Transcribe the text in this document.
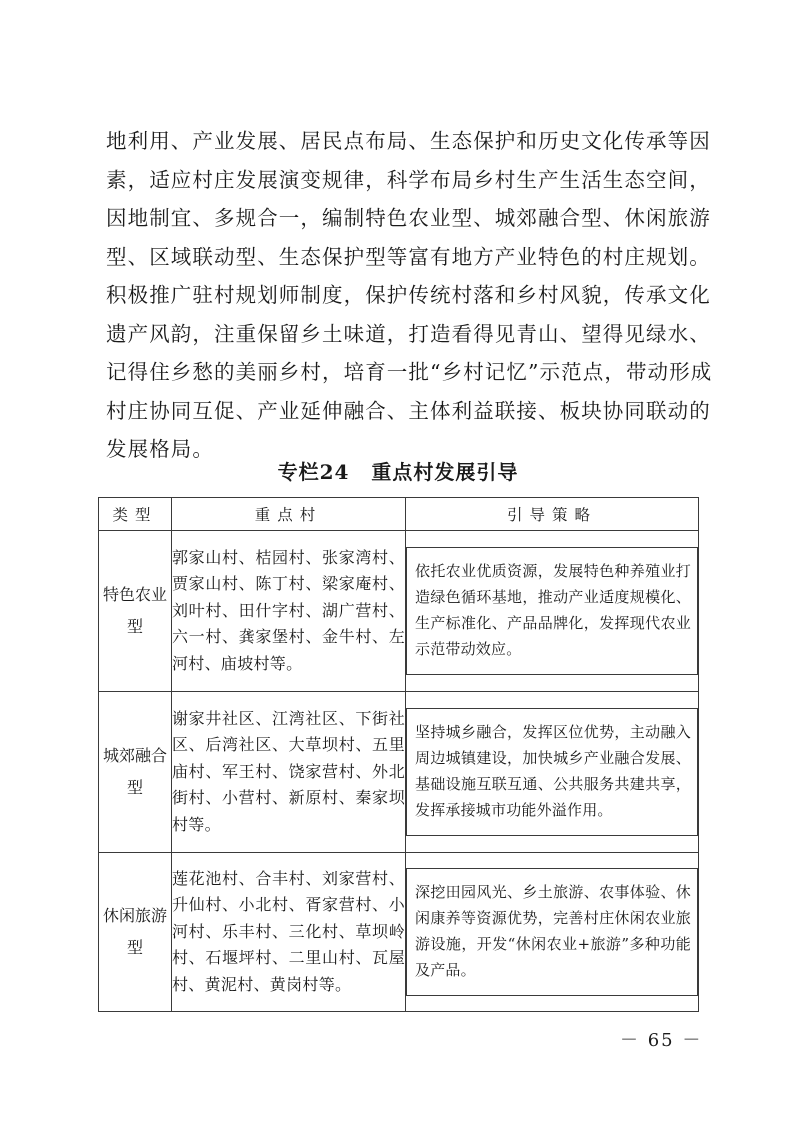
地利用、产业发展、居民点布局、生态保护和历史文化传承等因
素，适应村庄发展演变规律，科学布局乡村生产生活生态空间，
因地制宜、多规合一，编制特色农业型、城郊融合型、休闲旅游
型、区域联动型、生态保护型等富有地方产业特色的村庄规划。
积极推广驻村规划师制度，保护传统村落和乡村风貌，传承文化
遗产风韵，注重保留乡土味道，打造看得见青山、望得见绿水、
记得住乡愁的美丽乡村，培育一批“乡村记忆”示范点，带动形成
村庄协同互促、产业延伸融合、主体利益联接、板块协同联动的
发展格局。
专栏24 重点村发展引导
类型	重点村	引导策略
特色农业型	郭家山村、桔园村、张家湾村、贾家山村、陈丁村、梁家庵村、刘叶村、田什字村、湖广营村、六一村、龚家堡村、金牛村、左河村、庙坡村等。	依托农业优质资源，发展特色种养殖业打造绿色循环基地，推动产业适度规模化、生产标准化、产品品牌化，发挥现代农业示范带动效应。

城郊融合型	谢家井社区、江湾社区、下街社区、后湾社区、大草坝村、五里庙村、军王村、饶家营村、外北街村、小营村、新原村、秦家坝村等。	坚持城乡融合，发挥区位优势，主动融入周边城镇建设，加快城乡产业融合发展、基础设施互联互通、公共服务共建共享，发挥承接城市功能外溢作用。

休闲旅游型	莲花池村、合丰村、刘家营村、升仙村、小北村、胥家营村、小河村、乐丰村、三化村、草坝岭村、石堰坪村、二里山村、瓦屋村、黄泥村、黄岗村等。	深挖田园风光、乡土旅游、农事体验、休闲康养等资源优势，完善村庄休闲农业旅游设施，开发“休闲农业+旅游”多种功能及产品。
－ 65 －
